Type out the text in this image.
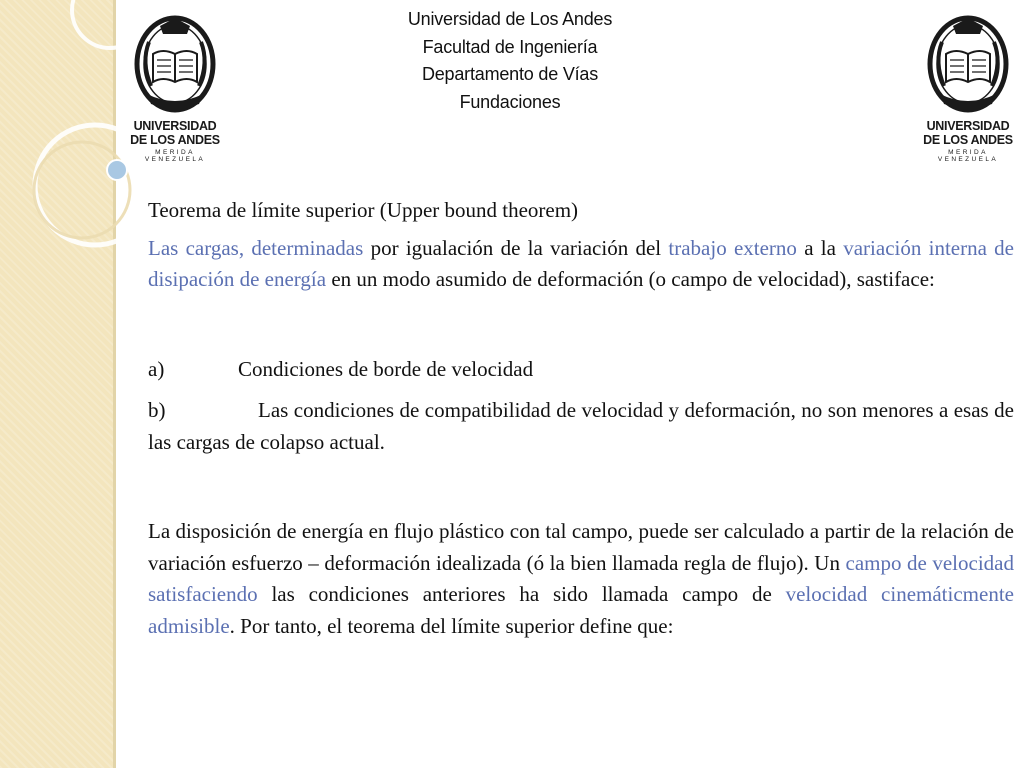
Universidad de Los Andes
Facultad de Ingeniería
Departamento de Vías
Fundaciones
UNIVERSIDAD
DE LOS ANDES
MERIDA VENEZUELA
UNIVERSIDAD
DE LOS ANDES
MERIDA VENEZUELA

Teorema de límite superior (Upper bound theorem)

Las cargas, determinadas por igualación de la variación del trabajo externo a la variación interna de disipación de energía en un modo asumido de deformación (o campo de velocidad), sastiface:

a)	Condiciones de borde de velocidad

b)	Las condiciones de compatibilidad de velocidad y deformación, no son menores a esas de las cargas de colapso actual.

La disposición de energía en flujo plástico con tal campo, puede ser calculado a partir de la relación de variación esfuerzo – deformación idealizada (ó la bien llamada regla de flujo). Un campo de velocidad satisfaciendo las condiciones anteriores ha sido llamada campo de velocidad cinemáticmente admisible. Por tanto, el teorema del límite superior define que:
